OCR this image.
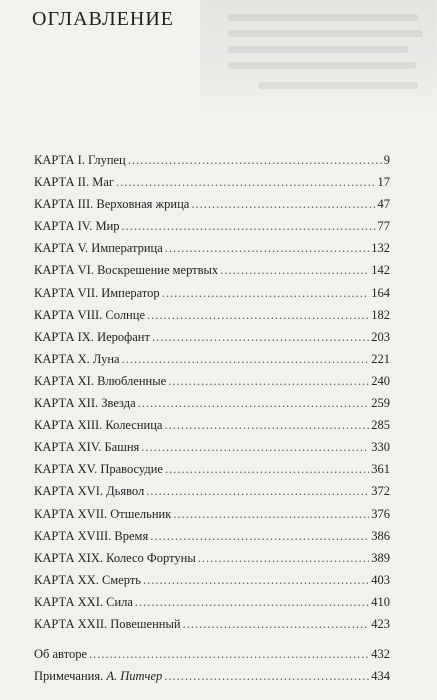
ОГЛАВЛЕНИЕ
КАРТА I. Глупец .....	9
КАРТА II. Маг .....	17
КАРТА III. Верховная жрица .....	47
КАРТА IV. Мир .....	77
КАРТА V. Императрица .....	132
КАРТА VI. Воскрешение мертвых .....	142
КАРТА VII. Император .....	164
КАРТА VIII. Солнце .....	182
КАРТА IX. Иерофант .....	203
КАРТА X. Луна .....	221
КАРТА XI. Влюбленные .....	240
КАРТА XII. Звезда .....	259
КАРТА XIII. Колесница .....	285
КАРТА XIV. Башня .....	330
КАРТА XV. Правосудие .....	361
КАРТА XVI. Дьявол .....	372
КАРТА XVII. Отшельник .....	376
КАРТА XVIII. Время .....	386
КАРТА XIX. Колесо Фортуны .....	389
КАРТА XX. Смерть .....	403
КАРТА XXI. Сила .....	410
КАРТА XXII. Повешенный .....	423
Об авторе .....	432
Примечания. А. Питчер .....	434
